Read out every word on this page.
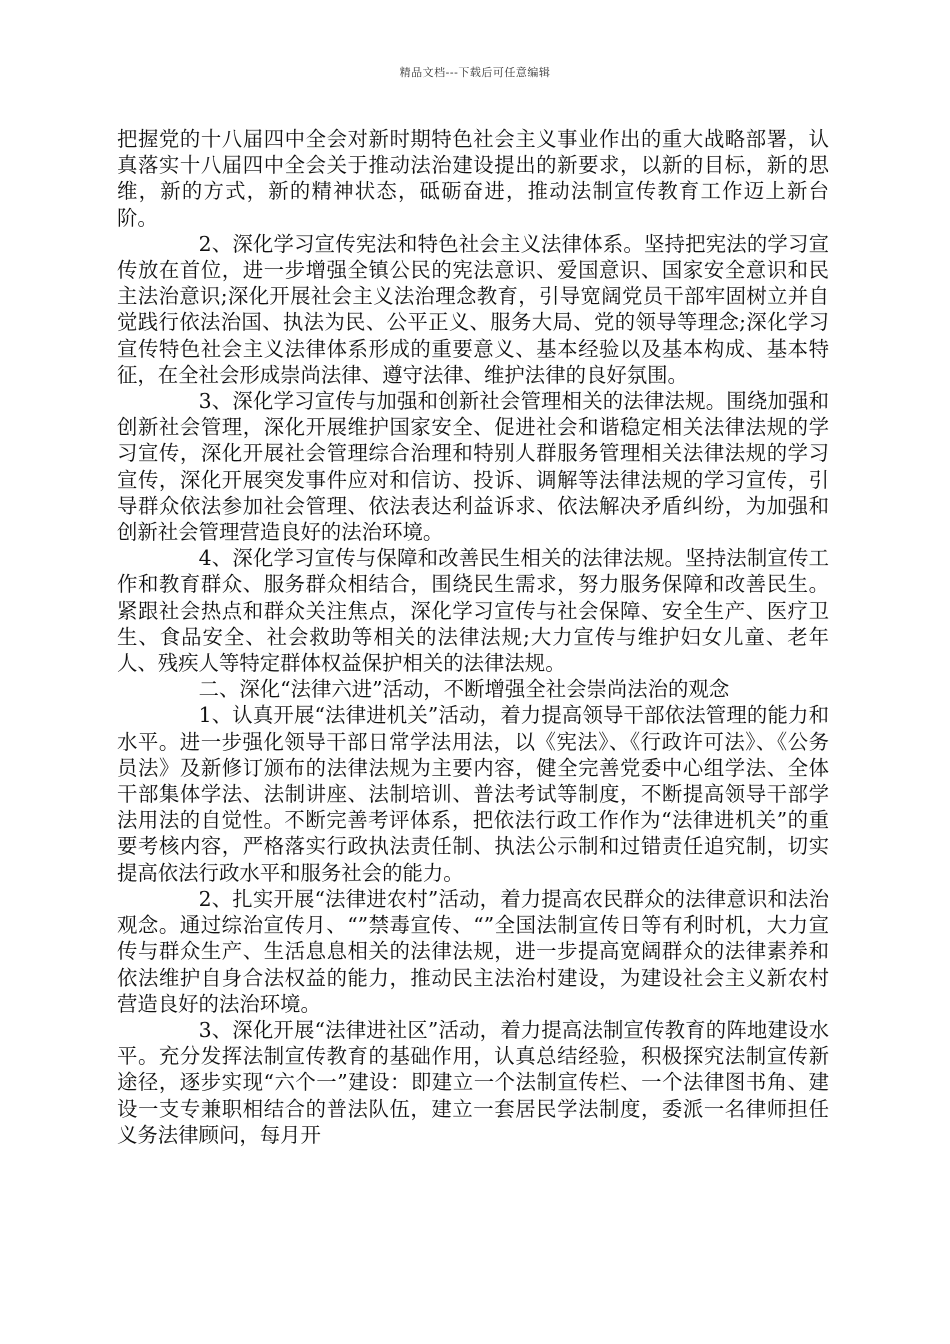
精品文档---下载后可任意编辑

把握党的十八届四中全会对新时期特色社会主义事业作出的重大战略部署，认真落实十八届四中全会关于推动法治建设提出的新要求，以新的目标，新的思维，新的方式，新的精神状态，砥砺奋进，推动法制宣传教育工作迈上新台阶。

2、深化学习宣传宪法和特色社会主义法律体系。坚持把宪法的学习宣传放在首位，进一步增强全镇公民的宪法意识、爱国意识、国家安全意识和民主法治意识;深化开展社会主义法治理念教育，引导宽阔党员干部牢固树立并自觉践行依法治国、执法为民、公平正义、服务大局、党的领导等理念;深化学习宣传特色社会主义法律体系形成的重要意义、基本经验以及基本构成、基本特征，在全社会形成崇尚法律、遵守法律、维护法律的良好氛围。

3、深化学习宣传与加强和创新社会管理相关的法律法规。围绕加强和创新社会管理，深化开展维护国家安全、促进社会和谐稳定相关法律法规的学习宣传，深化开展社会管理综合治理和特别人群服务管理相关法律法规的学习宣传，深化开展突发事件应对和信访、投诉、调解等法律法规的学习宣传，引导群众依法参加社会管理、依法表达利益诉求、依法解决矛盾纠纷，为加强和创新社会管理营造良好的法治环境。

4、深化学习宣传与保障和改善民生相关的法律法规。坚持法制宣传工作和教育群众、服务群众相结合，围绕民生需求，努力服务保障和改善民生。紧跟社会热点和群众关注焦点，深化学习宣传与社会保障、安全生产、医疗卫生、食品安全、社会救助等相关的法律法规;大力宣传与维护妇女儿童、老年人、残疾人等特定群体权益保护相关的法律法规。

二、深化“法律六进”活动，不断增强全社会崇尚法治的观念

1、认真开展“法律进机关”活动，着力提高领导干部依法管理的能力和水平。进一步强化领导干部日常学法用法，以《宪法》、《行政许可法》、《公务员法》及新修订颁布的法律法规为主要内容，健全完善党委中心组学法、全体干部集体学法、法制讲座、法制培训、普法考试等制度，不断提高领导干部学法用法的自觉性。不断完善考评体系，把依法行政工作作为“法律进机关”的重要考核内容，严格落实行政执法责任制、执法公示制和过错责任追究制，切实提高依法行政水平和服务社会的能力。

2、扎实开展“法律进农村”活动，着力提高农民群众的法律意识和法治观念。通过综治宣传月、“”禁毒宣传、“”全国法制宣传日等有利时机，大力宣传与群众生产、生活息息相关的法律法规，进一步提高宽阔群众的法律素养和依法维护自身合法权益的能力，推动民主法治村建设，为建设社会主义新农村营造良好的法治环境。

3、深化开展“法律进社区”活动，着力提高法制宣传教育的阵地建设水平。充分发挥法制宣传教育的基础作用，认真总结经验，积极探究法制宣传新途径，逐步实现“六个一”建设：即建立一个法制宣传栏、一个法律图书角、建设一支专兼职相结合的普法队伍，建立一套居民学法制度，委派一名律师担任义务法律顾问，每月开
